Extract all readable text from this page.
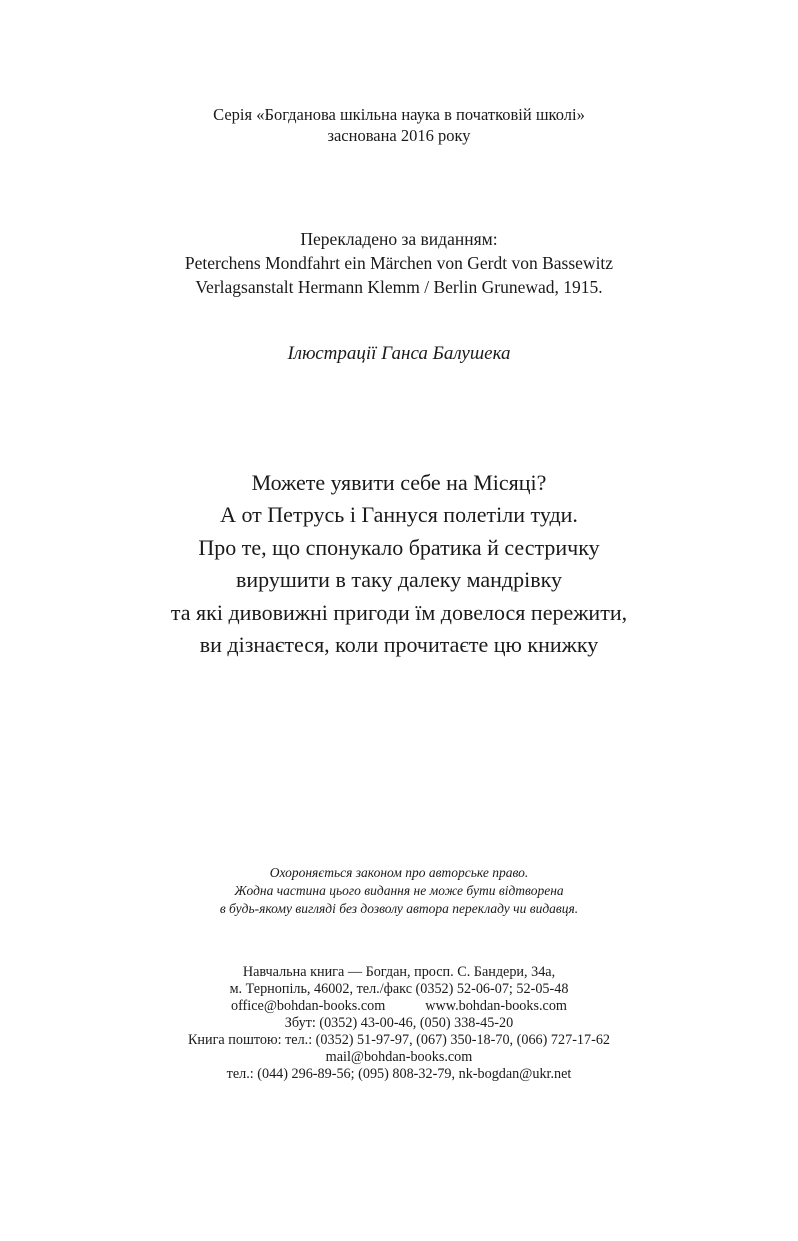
Серія «Богданова шкільна наука в початковій школі»
заснована 2016 року
Перекладено за виданням:
Peterchens Mondfahrt ein Märchen von Gerdt von Bassewitz
Verlagsanstalt Hermann Klemm / Berlin Grunewad, 1915.
Ілюстрації Ганса Балушека
Можете уявити себе на Місяці?
А от Петрусь і Ганнуся полетіли туди.
Про те, що спонукало братика й сестричку
вирушити в таку далеку мандрівку
та які дивовижні пригоди їм довелося пережити,
ви дізнаєтеся, коли прочитаєте цю книжку
Охороняється законом про авторське право.
Жодна частина цього видання не може бути відтворена
в будь-якому вигляді без дозволу автора перекладу чи видавця.
Навчальна книга — Богдан, просп. С. Бандери, 34а,
м. Тернопіль, 46002, тел./факс (0352) 52-06-07; 52-05-48
office@bohdan-books.com	www.bohdan-books.com
Збут: (0352) 43-00-46, (050) 338-45-20
Книга поштою: тел.: (0352) 51-97-97, (067) 350-18-70, (066) 727-17-62
mail@bohdan-books.com
тел.: (044) 296-89-56; (095) 808-32-79, nk-bogdan@ukr.net
